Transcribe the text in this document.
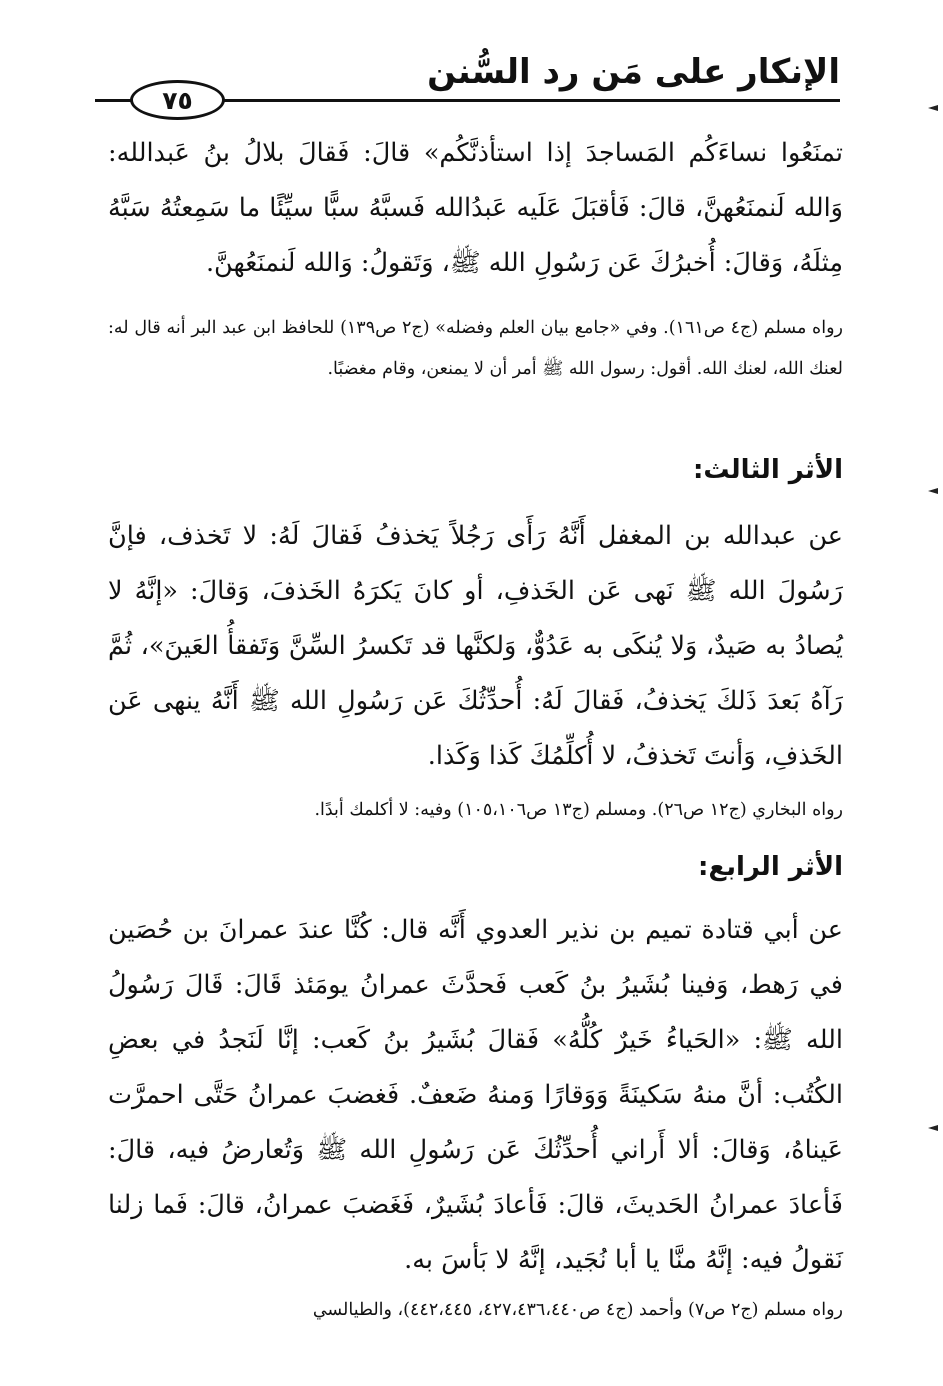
الإنكار على مَن رد السُّنن
٧٥
تمنَعُوا نساءَكُم المَساجدَ إذا استأذنَّكُم» قالَ: فَقالَ بلالُ بنُ عَبدالله: وَالله لَنمنَعُهنَّ، قالَ: فَأقبَلَ عَلَيه عَبدُالله فَسبَّهُ سبًّا سيِّئًا ما سَمِعتُهُ سَبَّهُ مِثلَهُ، وَقالَ: أُخبرُكَ عَن رَسُولِ الله ﷺ، وَتَقولُ: وَالله لَنمنَعُهنَّ.
رواه مسلم (ج٤ ص١٦١). وفي «جامع بيان العلم وفضله» (ج٢ ص١٣٩) للحافظ ابن عبد البر أنه قال له: لعنك الله، لعنك الله. أقول: رسول الله ﷺ أمر أن لا يمنعن، وقام مغضبًا.
الأثر الثالث:
عن عبدالله بن المغفل أَنَّهُ رَأَى رَجُلاً يَخذفُ فَقالَ لَهُ: لا تَخذف، فإنَّ رَسُولَ الله ﷺ نَهى عَن الخَذفِ، أو كانَ يَكرَهُ الخَذفَ، وَقالَ: «إنَّهُ لا يُصادُ به صَيدٌ، وَلا يُنكَى به عَدُوٌّ، وَلكنَّها قد تَكسرُ السِّنَّ وَتَفقأُ العَينَ»، ثُمَّ رَآهُ بَعدَ ذَلكَ يَخذفُ، فَقالَ لَهُ: أُحدِّثُكَ عَن رَسُولِ الله ﷺ أَنَّهُ ينهى عَن الخَذفِ، وَأنتَ تَخذفُ، لا أُكلِّمُكَ كَذا وَكَذا.
رواه البخاري (ج١٢ ص٢٦). ومسلم (ج١٣ ص١٠٥،١٠٦) وفيه: لا أكلمك أبدًا.
الأثر الرابع:
عن أبي قتادة تميم بن نذير العدوي أَنَّه قال: كُنَّا عندَ عمرانَ بن حُصَين في رَهط، وَفينا بُشَيرُ بنُ كَعب فَحدَّثَ عمرانُ يومَئذ قَالَ: قَالَ رَسُولُ الله ﷺ: «الحَياءُ خَيرٌ كُلُّهُ» فَقالَ بُشَيرُ بنُ كَعب: إنَّا لَنَجدُ في بعضِ الكُتُب: أنَّ منهُ سَكينَةً وَوَقارًا وَمنهُ ضَعفٌ. فَغضبَ عمرانُ حَتَّى احمرَّت عَيناهُ، وَقالَ: ألا أَراني أُحدِّثُكَ عَن رَسُولِ الله ﷺ وَتُعارضُ فيه، قالَ: فَأعادَ عمرانُ الحَديثَ، قالَ: فَأعادَ بُشَيرٌ، فَغَضبَ عمرانُ، قالَ: فَما زلنا نَقولُ فيه: إنَّهُ منَّا يا أبا نُجَيد، إنَّهُ لا بَأسَ به.
رواه مسلم (ج٢ ص٧) وأحمد (ج٤ ص٤٢٧،٤٣٦،٤٤٠، ٤٤٢،٤٤٥)، والطيالسي
